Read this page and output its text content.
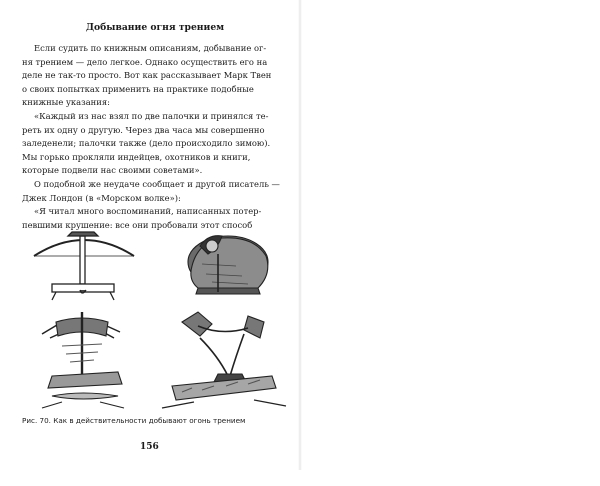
Добывание огня трением
Если судить по книжным описаниям, добывание ог-
ня трением — дело легкое. Однако осуществить его на
деле не так-то просто. Вот как рассказывает Марк Твен
о своих попытках применить на практике подобные
книжные указания:
«Каждый из нас взял по две палочки и принялся те-
реть их одну о другую. Через два часа мы совершенно
заледенели; палочки также (дело происходило зимою).
Мы горько прокляли индейцев, охотников и книги,
которые подвели нас своими советами».
О подобной же неудаче сообщает и другой писатель —
Джек Лондон (в «Морском волке»):
«Я читал много воспоминаний, написанных потер-
певшими крушение: все они пробовали этот способ
Рис. 70. Как в действительности добывают огонь трением
156
